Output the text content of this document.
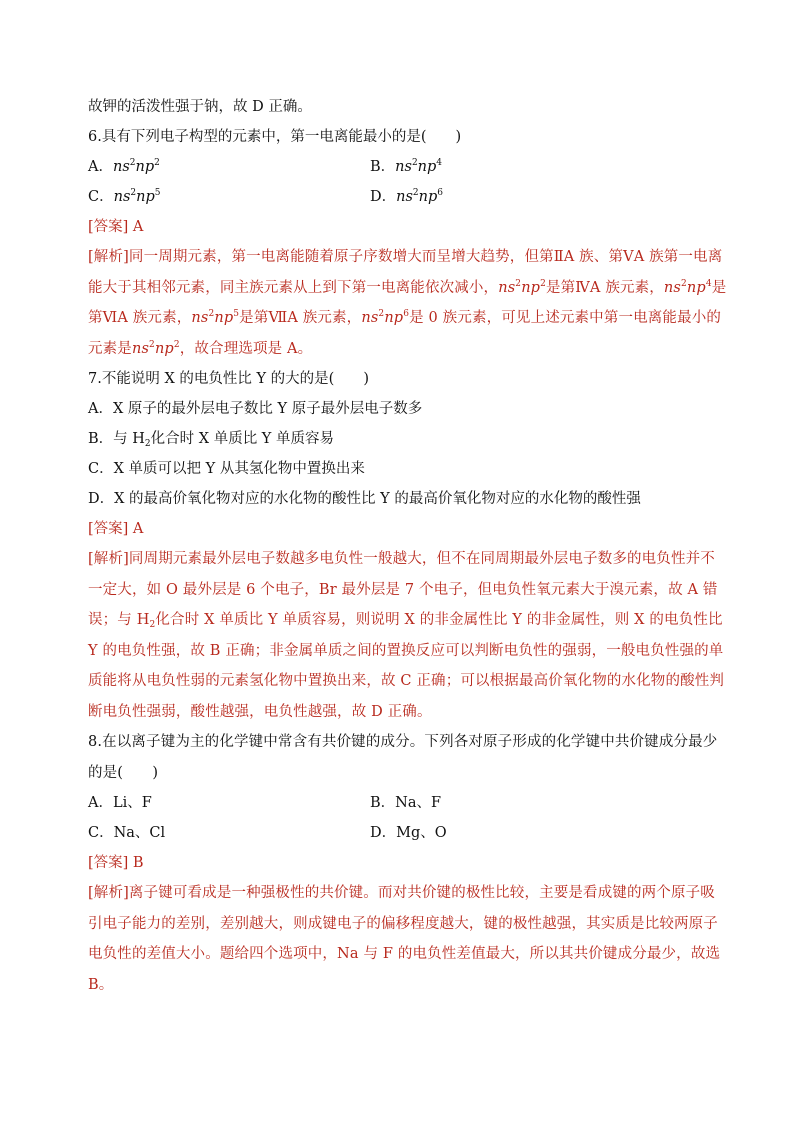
故钾的活泼性强于钠，故 D 正确。
6.具有下列电子构型的元素中，第一电离能最小的是(　　)
A．$ns^2np^2$	B．$ns^2np^4$
C．$ns^2np^5$	D．$ns^2np^6$
[答案] A
[解析]同一周期元素，第一电离能随着原子序数增大而呈增大趋势，但第ⅡA 族、第ⅤA 族第一电离能大于其相邻元素，同主族元素从上到下第一电离能依次减小，$ns^2np^2$是第ⅣA 族元素，$ns^2np^4$是第ⅥA 族元素，$ns^2np^5$是第ⅦA 族元素，$ns^2np^6$是 0 族元素，可见上述元素中第一电离能最小的元素是$ns^2np^2$，故合理选项是 A。
7.不能说明 X 的电负性比 Y 的大的是(　　)
A．X 原子的最外层电子数比 Y 原子最外层电子数多
B．与 $H_2$化合时 X 单质比 Y 单质容易
C．X 单质可以把 Y 从其氢化物中置换出来
D．X 的最高价氧化物对应的水化物的酸性比 Y 的最高价氧化物对应的水化物的酸性强
[答案] A
[解析]同周期元素最外层电子数越多电负性一般越大，但不在同周期最外层电子数多的电负性并不一定大，如 O 最外层是 6 个电子，Br 最外层是 7 个电子，但电负性氧元素大于溴元素，故 A 错误；与 $H_2$化合时 X 单质比 Y 单质容易，则说明 X 的非金属性比 Y 的非金属性，则 X 的电负性比 Y 的电负性强，故 B 正确；非金属单质之间的置换反应可以判断电负性的强弱，一般电负性强的单质能将从电负性弱的元素氢化物中置换出来，故 C 正确；可以根据最高价氧化物的水化物的酸性判断电负性强弱，酸性越强，电负性越强，故 D 正确。
8.在以离子键为主的化学键中常含有共价键的成分。下列各对原子形成的化学键中共价键成分最少的是(　　)
A．Li、F	B．Na、F
C．Na、Cl	D．Mg、O
[答案] B
[解析]离子键可看成是一种强极性的共价键。而对共价键的极性比较，主要是看成键的两个原子吸引电子能力的差别，差别越大，则成键电子的偏移程度越大，键的极性越强，其实质是比较两原子电负性的差值大小。题给四个选项中，Na 与 F 的电负性差值最大，所以其共价键成分最少，故选 B。
